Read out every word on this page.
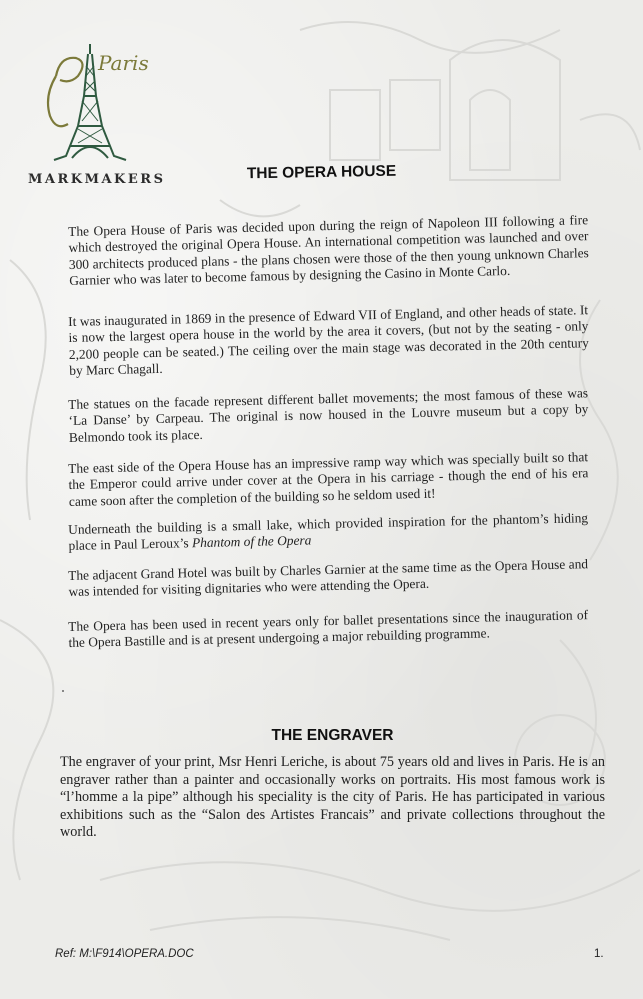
Paris
MARKMAKERS	THE OPERA HOUSE

The Opera House of Paris was decided upon during the reign of Napoleon III following a fire which destroyed the original Opera House. An international competition was launched and over 300 architects produced plans - the plans chosen were those of the then young unknown Charles Garnier who was later to become famous by designing the Casino in Monte Carlo.

It was inaugurated in 1869 in the presence of Edward VII of England, and other heads of state. It is now the largest opera house in the world by the area it covers, (but not by the seating - only 2,200 people can be seated.) The ceiling over the main stage was decorated in the 20th century by Marc Chagall.

The statues on the facade represent different ballet movements; the most famous of these was ‘La Danse’ by Carpeau. The original is now housed in the Louvre museum but a copy by Belmondo took its place.

The east side of the Opera House has an impressive ramp way which was specially built so that the Emperor could arrive under cover at the Opera in his carriage - though the end of his era came soon after the completion of the building so he seldom used it!

Underneath the building is a small lake, which provided inspiration for the phantom’s hiding place in Paul Leroux’s Phantom of the Opera

The adjacent Grand Hotel was built by Charles Garnier at the same time as the Opera House and was intended for visiting dignitaries who were attending the Opera.

The Opera has been used in recent years only for ballet presentations since the inauguration of the Opera Bastille and is at present undergoing a major rebuilding programme.

THE ENGRAVER

The engraver of your print, Msr Henri Leriche, is about 75 years old and lives in Paris. He is an engraver rather than a painter and occasionally works on portraits. His most famous work is “l’homme a la pipe” although his speciality is the city of Paris. He has participated in various exhibitions such as the “Salon des Artistes Francais” and private collections throughout the world.

Ref: M:\F914\OPERA.DOC	1.
